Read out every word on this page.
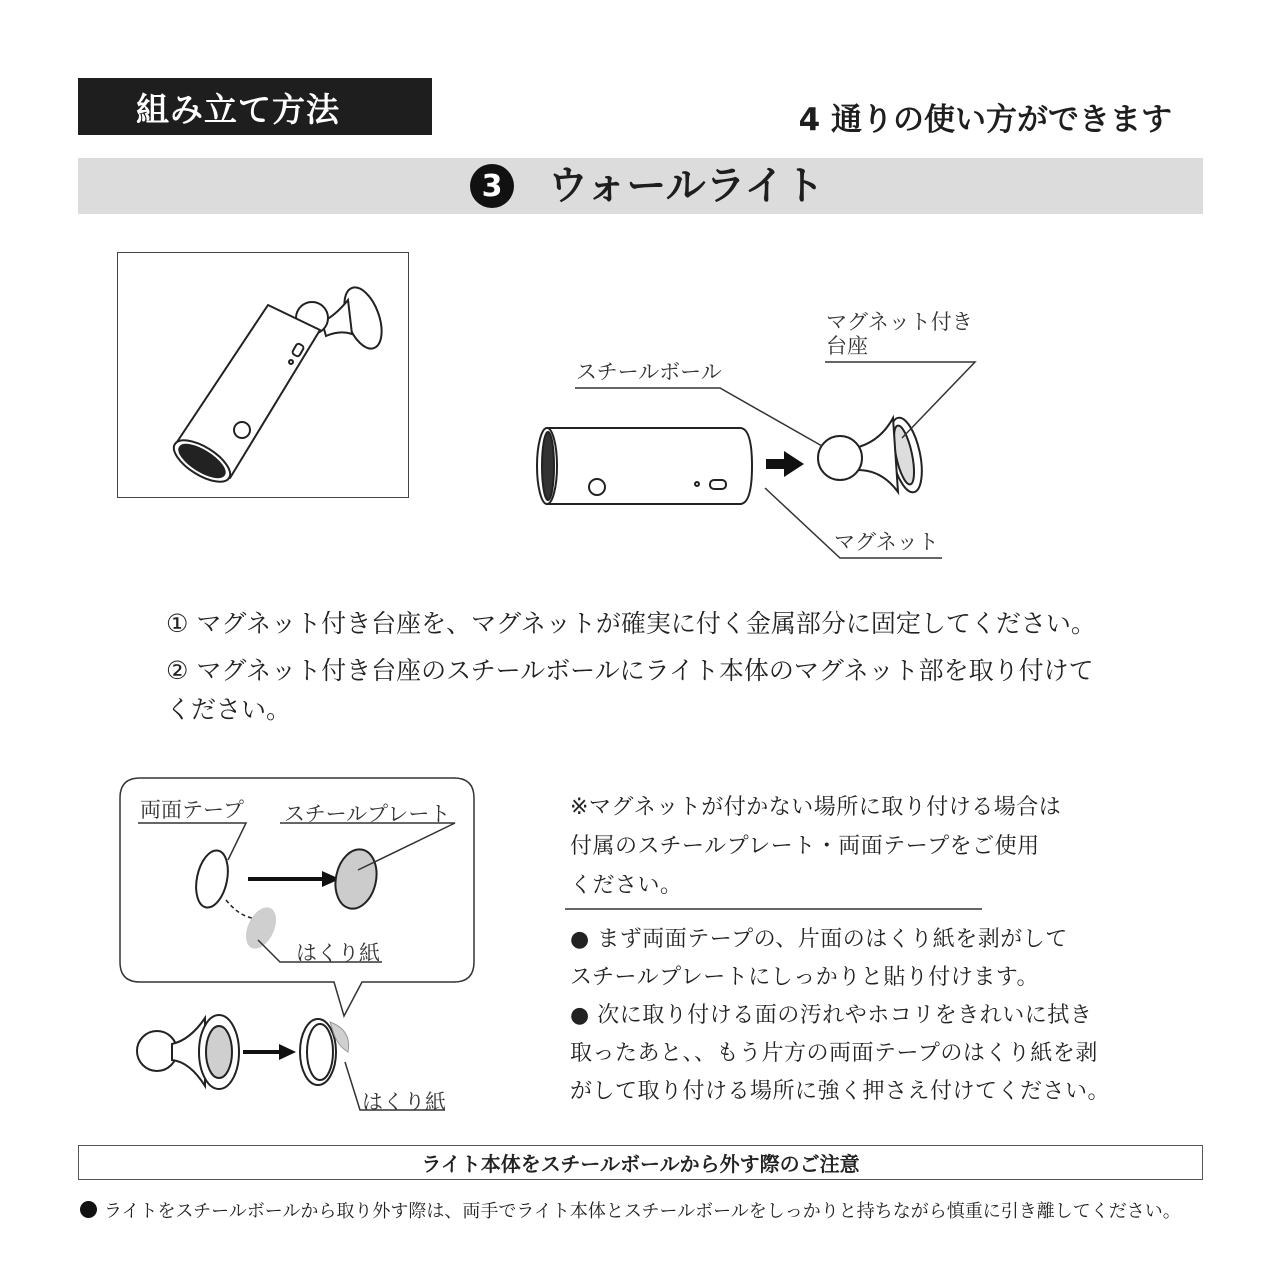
組み立て方法	4 通りの使い方ができます
3 ウォールライト
マグネット付き
台座
スチールボール
マグネット
① マグネット付き台座を、マグネットが確実に付く金属部分に固定してください。
② マグネット付き台座のスチールボールにライト本体のマグネット部を取り付けて
ください。
両面テープ スチールプレート
はくり紙
はくり紙
※マグネットが付かない場所に取り付ける場合は
付属のスチールプレート・両面テープをご使用
ください。
● まず両面テープの、片面のはくり紙を剥がして
スチールプレートにしっかりと貼り付けます。
● 次に取り付ける面の汚れやホコリをきれいに拭き
取ったあと、、もう片方の両面テープのはくり紙を剥
がして取り付ける場所に強く押さえ付けてください。
ライト本体をスチールボールから外す際のご注意
ライトをスチールボールから取り外す際は、両手でライト本体とスチールボールをしっかりと持ちながら慎重に引き離してください。
